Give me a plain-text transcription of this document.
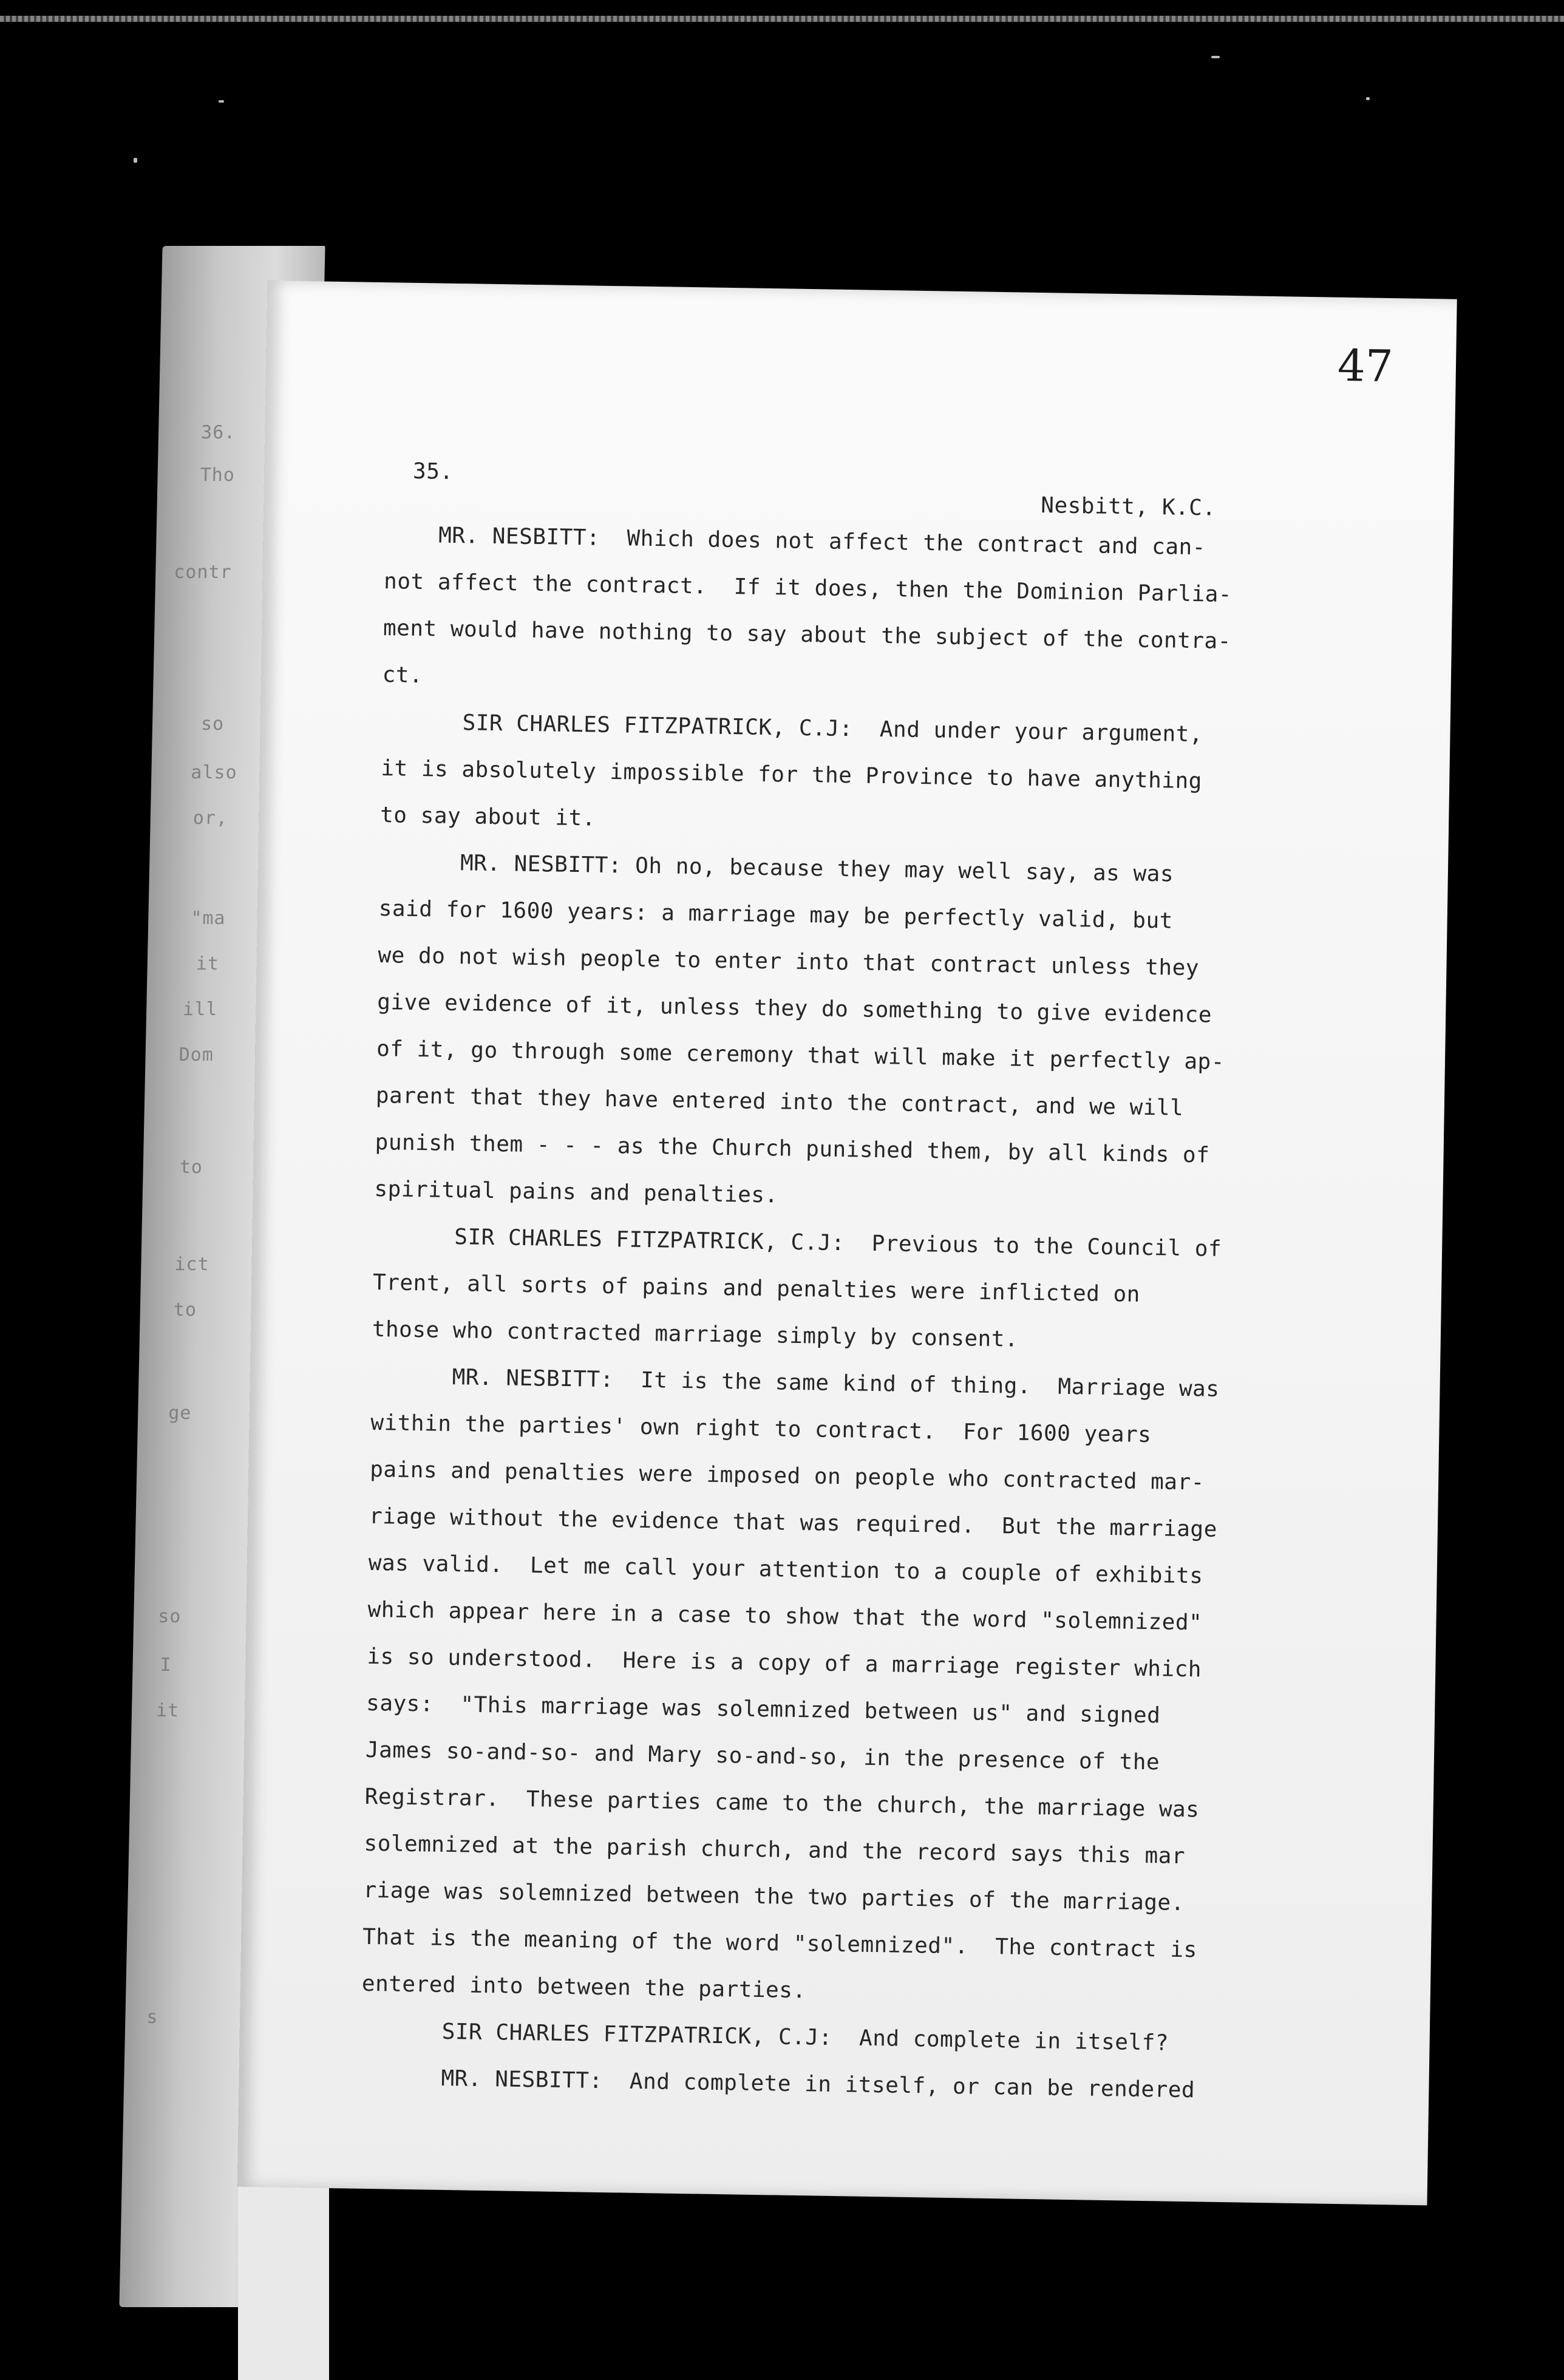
36.
Tho
contr
so
also
or,
"ma
it
ill
Dom
to
ict
to
ge
so
I
it
s
47
35.
Nesbitt, K.C.
MR. NESBITT:  Which does not affect the contract and can-
not affect the contract.  If it does, then the Dominion Parlia-
ment would have nothing to say about the subject of the contra-
ct.
SIR CHARLES FITZPATRICK, C.J:  And under your argument,
it is absolutely impossible for the Province to have anything
to say about it.
MR. NESBITT: Oh no, because they may well say, as was
said for 1600 years: a marriage may be perfectly valid, but
we do not wish people to enter into that contract unless they
give evidence of it, unless they do something to give evidence
of it, go through some ceremony that will make it perfectly ap-
parent that they have entered into the contract, and we will
punish them - - - as the Church punished them, by all kinds of
spiritual pains and penalties.
SIR CHARLES FITZPATRICK, C.J:  Previous to the Council of
Trent, all sorts of pains and penalties were inflicted on
those who contracted marriage simply by consent.
MR. NESBITT:  It is the same kind of thing.  Marriage was
within the parties' own right to contract.  For 1600 years
pains and penalties were imposed on people who contracted mar-
riage without the evidence that was required.  But the marriage
was valid.  Let me call your attention to a couple of exhibits
which appear here in a case to show that the word "solemnized"
is so understood.  Here is a copy of a marriage register which
says:  "This marriage was solemnized between us" and signed
James so-and-so- and Mary so-and-so, in the presence of the
Registrar.  These parties came to the church, the marriage was
solemnized at the parish church, and the record says this mar
riage was solemnized between the two parties of the marriage.
That is the meaning of the word "solemnized".  The contract is
entered into between the parties.
SIR CHARLES FITZPATRICK, C.J:  And complete in itself?
MR. NESBITT:  And complete in itself, or can be rendered
